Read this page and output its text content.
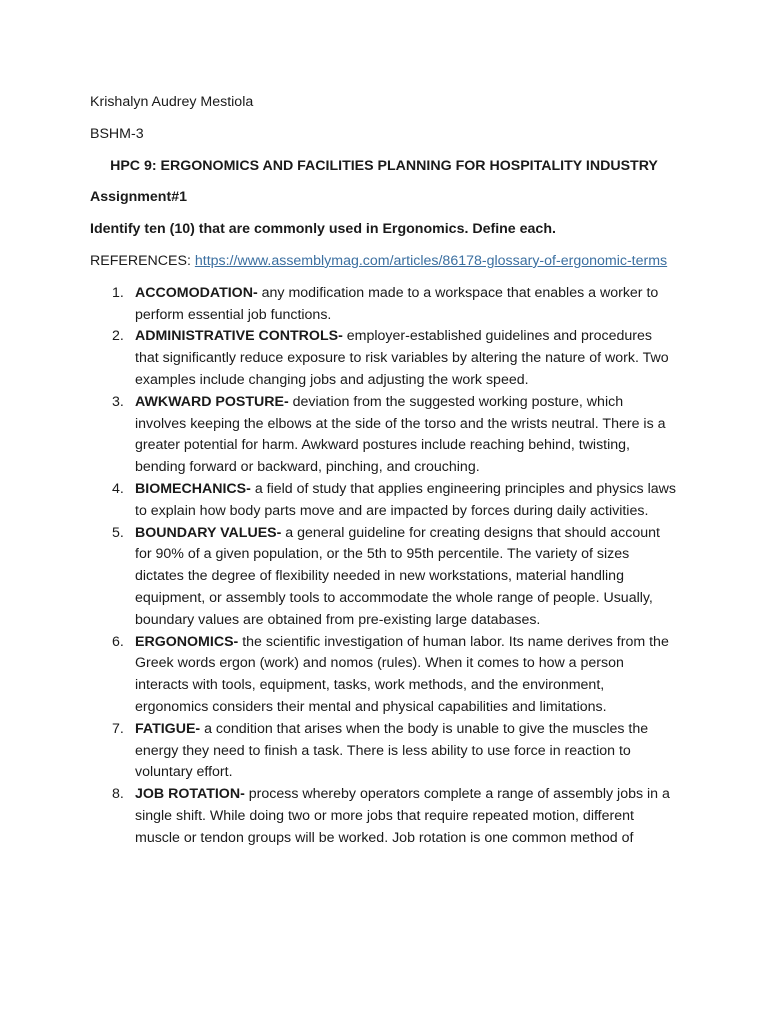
Krishalyn Audrey Mestiola

BSHM-3

HPC 9: ERGONOMICS AND FACILITIES PLANNING FOR HOSPITALITY INDUSTRY

Assignment#1

Identify ten (10) that are commonly used in Ergonomics. Define each.

REFERENCES: https://www.assemblymag.com/articles/86178-glossary-of-ergonomic-terms

1. ACCOMODATION- any modification made to a workspace that enables a worker to perform essential job functions.
2. ADMINISTRATIVE CONTROLS- employer-established guidelines and procedures that significantly reduce exposure to risk variables by altering the nature of work. Two examples include changing jobs and adjusting the work speed.
3. AWKWARD POSTURE- deviation from the suggested working posture, which involves keeping the elbows at the side of the torso and the wrists neutral. There is a greater potential for harm. Awkward postures include reaching behind, twisting, bending forward or backward, pinching, and crouching.
4. BIOMECHANICS- a field of study that applies engineering principles and physics laws to explain how body parts move and are impacted by forces during daily activities.
5. BOUNDARY VALUES- a general guideline for creating designs that should account for 90% of a given population, or the 5th to 95th percentile. The variety of sizes dictates the degree of flexibility needed in new workstations, material handling equipment, or assembly tools to accommodate the whole range of people. Usually, boundary values are obtained from pre-existing large databases.
6. ERGONOMICS- the scientific investigation of human labor. Its name derives from the Greek words ergon (work) and nomos (rules). When it comes to how a person interacts with tools, equipment, tasks, work methods, and the environment, ergonomics considers their mental and physical capabilities and limitations.
7. FATIGUE- a condition that arises when the body is unable to give the muscles the energy they need to finish a task. There is less ability to use force in reaction to voluntary effort.
8. JOB ROTATION- process whereby operators complete a range of assembly jobs in a single shift. While doing two or more jobs that require repeated motion, different muscle or tendon groups will be worked. Job rotation is one common method of
